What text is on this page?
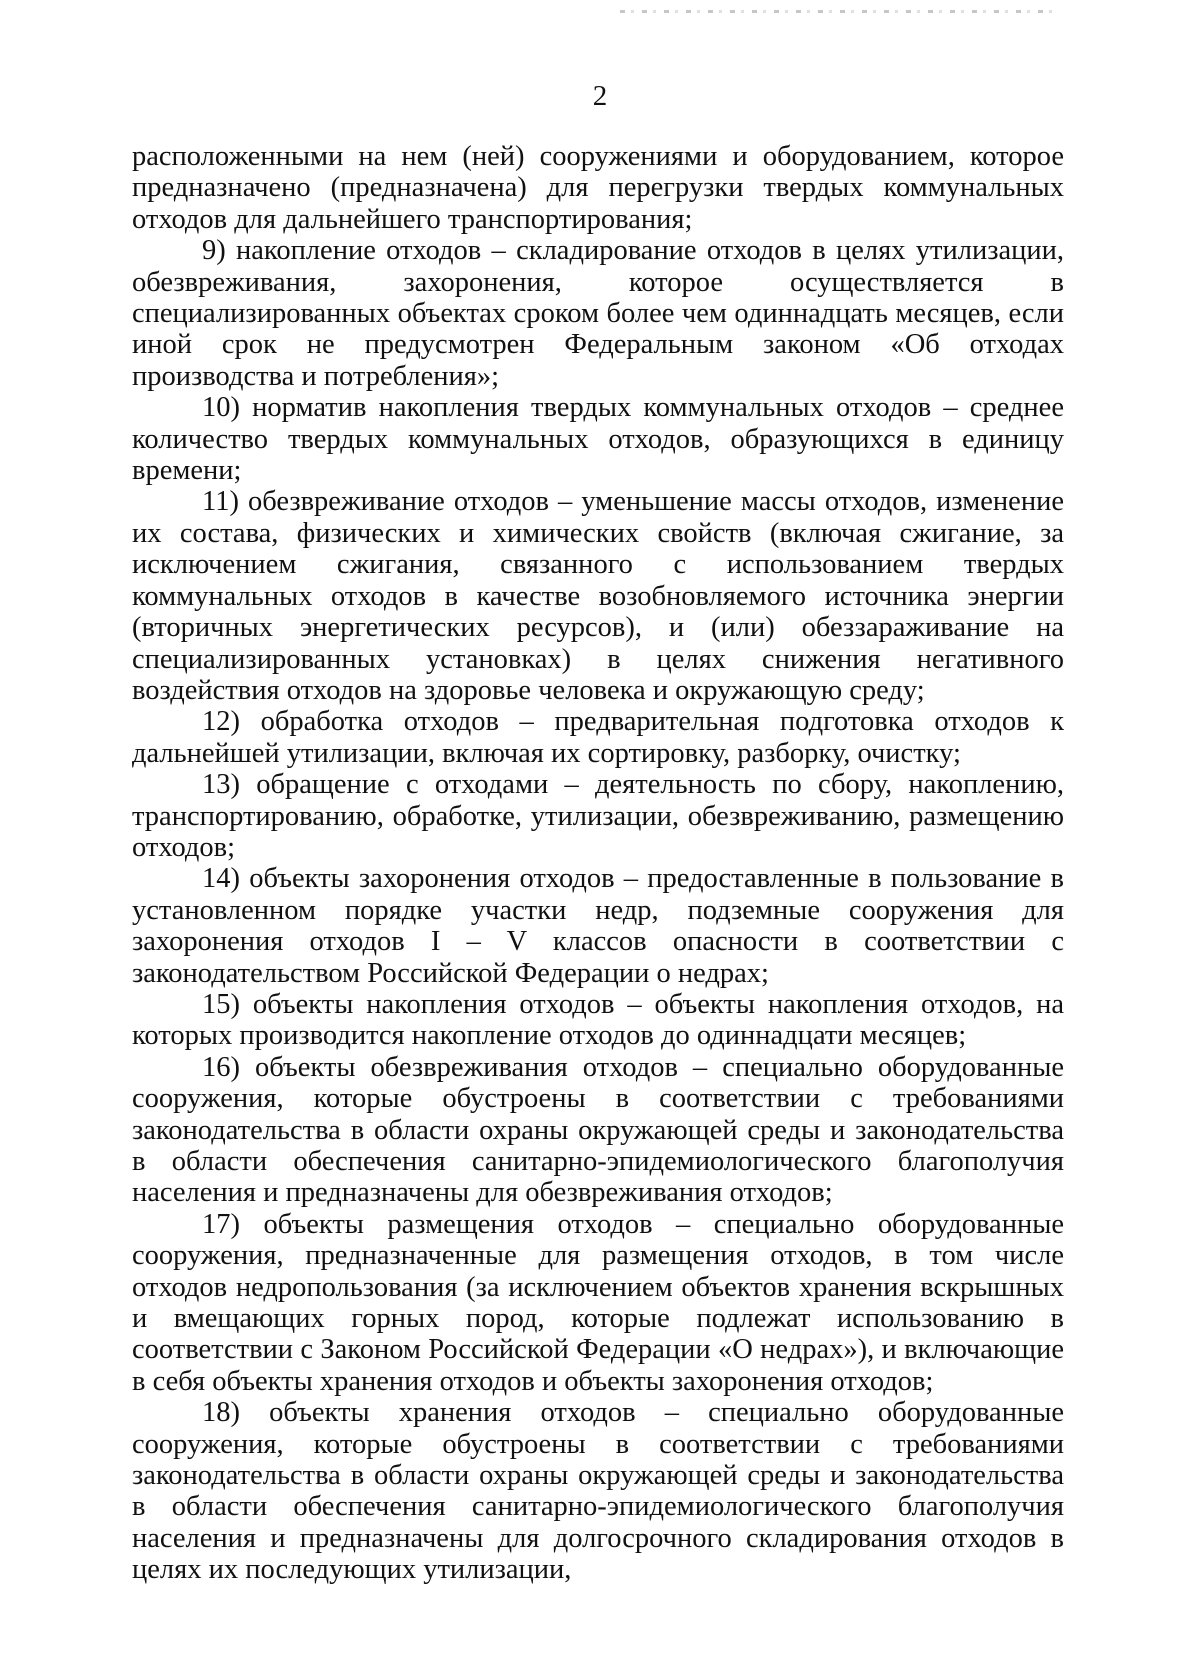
2

расположенными на нем (ней) сооружениями и оборудованием, которое предназначено (предназначена) для перегрузки твердых коммунальных отходов для дальнейшего транспортирования;

9) накопление отходов – складирование отходов в целях утилизации, обезвреживания, захоронения, которое осуществляется в специализированных объектах сроком более чем одиннадцать месяцев, если иной срок не предусмотрен Федеральным законом «Об отходах производства и потребления»;

10) норматив накопления твердых коммунальных отходов – среднее количество твердых коммунальных отходов, образующихся в единицу времени;

11) обезвреживание отходов – уменьшение массы отходов, изменение их состава, физических и химических свойств (включая сжигание, за исключением сжигания, связанного с использованием твердых коммунальных отходов в качестве возобновляемого источника энергии (вторичных энергетических ресурсов), и (или) обеззараживание на специализированных установках) в целях снижения негативного воздействия отходов на здоровье человека и окружающую среду;

12) обработка отходов – предварительная подготовка отходов к дальнейшей утилизации, включая их сортировку, разборку, очистку;

13) обращение с отходами – деятельность по сбору, накоплению, транспортированию, обработке, утилизации, обезвреживанию, размещению отходов;

14) объекты захоронения отходов – предоставленные в пользование в установленном порядке участки недр, подземные сооружения для захоронения отходов I – V классов опасности в соответствии с законодательством Российской Федерации о недрах;

15) объекты накопления отходов – объекты накопления отходов, на которых производится накопление отходов до одиннадцати месяцев;

16) объекты обезвреживания отходов – специально оборудованные сооружения, которые обустроены в соответствии с требованиями законодательства в области охраны окружающей среды и законодательства в области обеспечения санитарно-эпидемиологического благополучия населения и предназначены для обезвреживания отходов;

17) объекты размещения отходов – специально оборудованные сооружения, предназначенные для размещения отходов, в том числе отходов недропользования (за исключением объектов хранения вскрышных и вмещающих горных пород, которые подлежат использованию в соответствии с Законом Российской Федерации «О недрах»), и включающие в себя объекты хранения отходов и объекты захоронения отходов;

18) объекты хранения отходов – специально оборудованные сооружения, которые обустроены в соответствии с требованиями законодательства в области охраны окружающей среды и законодательства в области обеспечения санитарно-эпидемиологического благополучия населения и предназначены для долгосрочного складирования отходов в целях их последующих утилизации,
